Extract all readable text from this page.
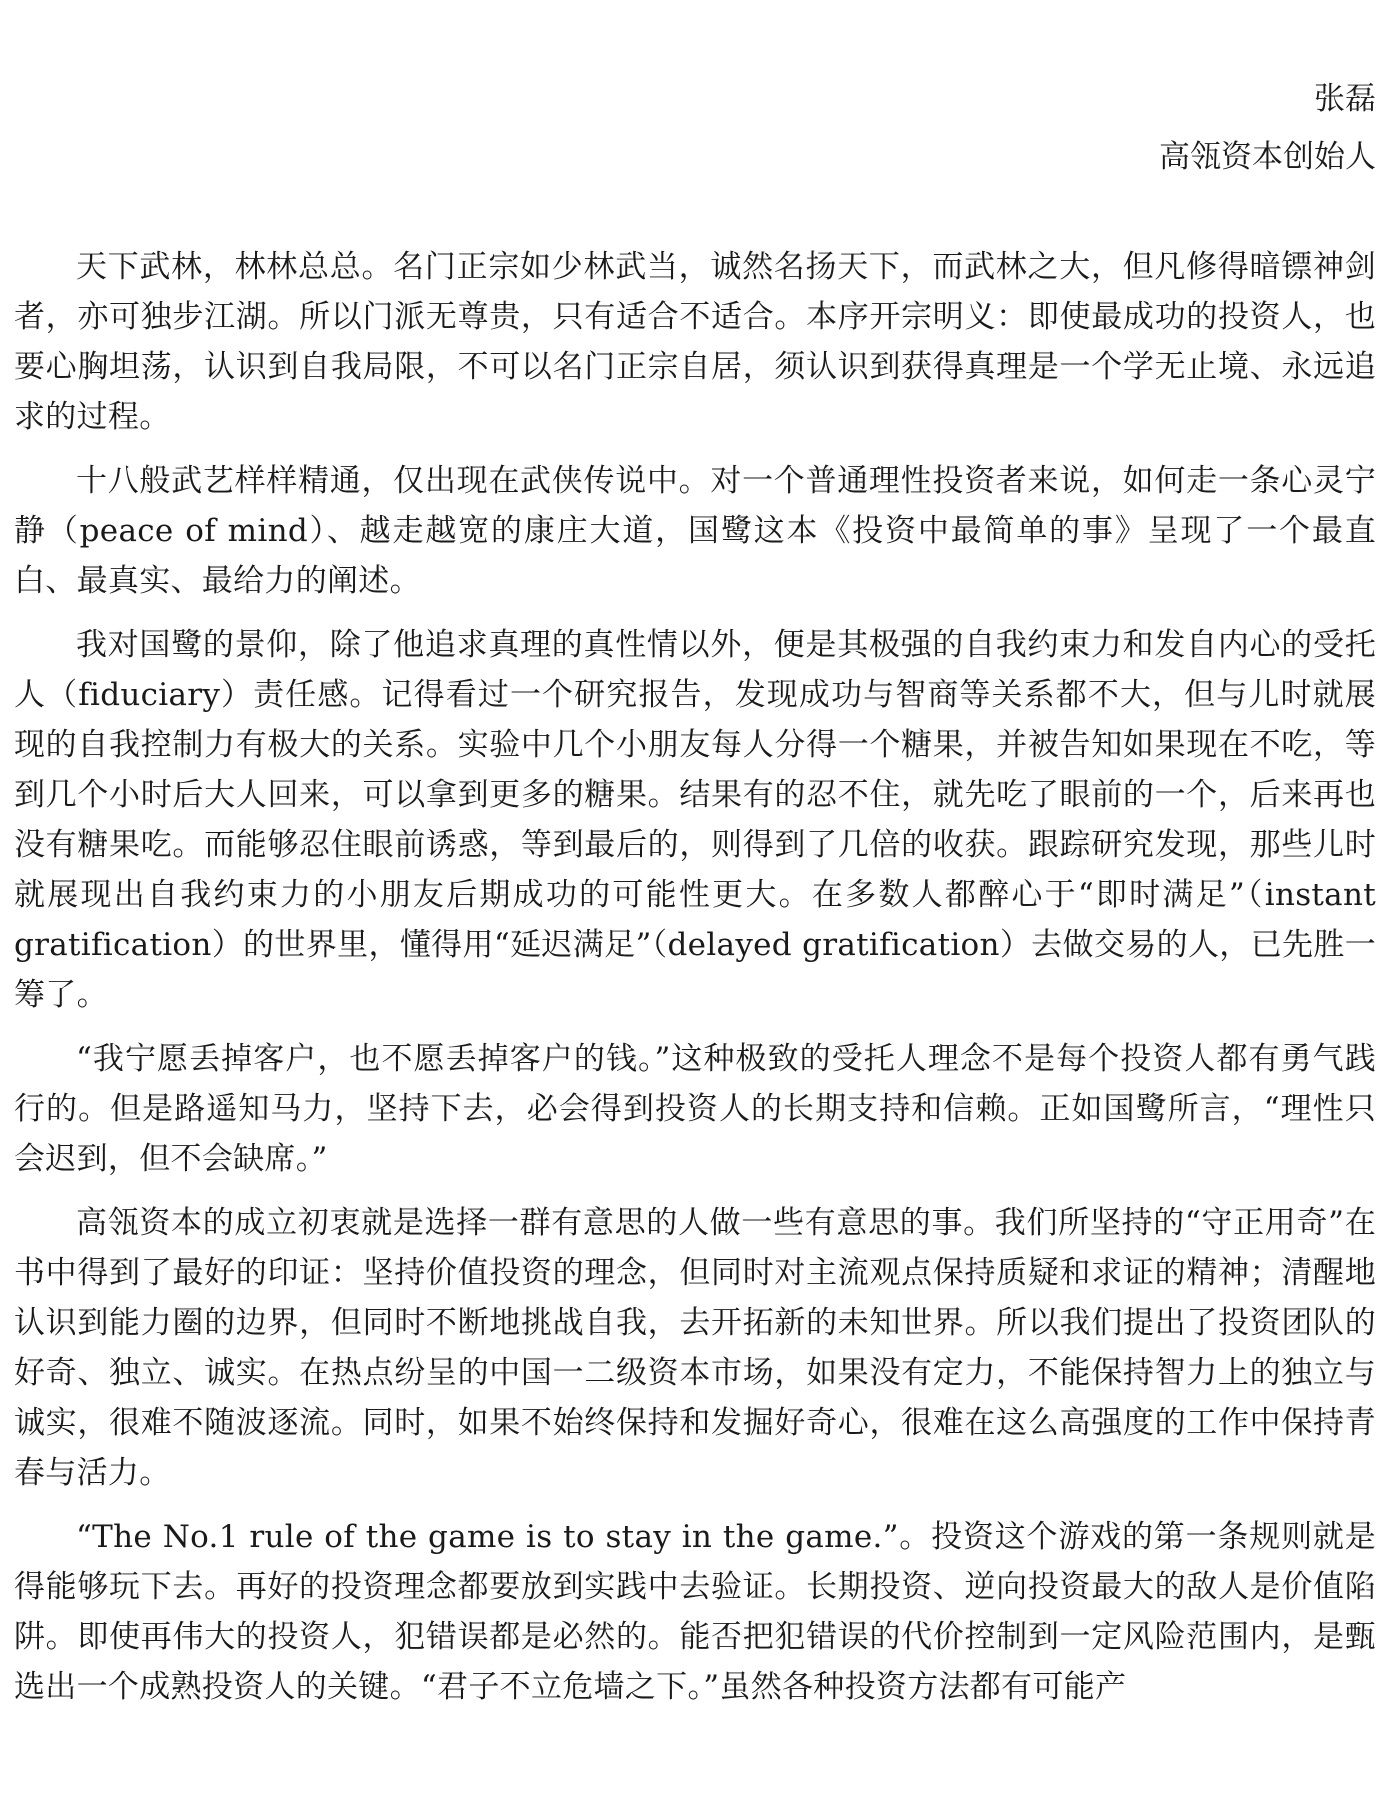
张磊

高瓴资本创始人

天下武林，林林总总。名门正宗如少林武当，诚然名扬天下，而武林之大，但凡修得暗镖神剑者，亦可独步江湖。所以门派无尊贵，只有适合不适合。本序开宗明义：即使最成功的投资人，也要心胸坦荡，认识到自我局限，不可以名门正宗自居，须认识到获得真理是一个学无止境、永远追求的过程。

十八般武艺样样精通，仅出现在武侠传说中。对一个普通理性投资者来说，如何走一条心灵宁静（peace of mind）、越走越宽的康庄大道，国鹭这本《投资中最简单的事》呈现了一个最直白、最真实、最给力的阐述。

我对国鹭的景仰，除了他追求真理的真性情以外，便是其极强的自我约束力和发自内心的受托人（fiduciary）责任感。记得看过一个研究报告，发现成功与智商等关系都不大，但与儿时就展现的自我控制力有极大的关系。实验中几个小朋友每人分得一个糖果，并被告知如果现在不吃，等到几个小时后大人回来，可以拿到更多的糖果。结果有的忍不住，就先吃了眼前的一个，后来再也没有糖果吃。而能够忍住眼前诱惑，等到最后的，则得到了几倍的收获。跟踪研究发现，那些儿时就展现出自我约束力的小朋友后期成功的可能性更大。在多数人都醉心于“即时满足”（instant gratification）的世界里，懂得用“延迟满足”（delayed gratification）去做交易的人，已先胜一筹了。

“我宁愿丢掉客户，也不愿丢掉客户的钱。”这种极致的受托人理念不是每个投资人都有勇气践行的。但是路遥知马力，坚持下去，必会得到投资人的长期支持和信赖。正如国鹭所言，“理性只会迟到，但不会缺席。”

高瓴资本的成立初衷就是选择一群有意思的人做一些有意思的事。我们所坚持的“守正用奇”在书中得到了最好的印证：坚持价值投资的理念，但同时对主流观点保持质疑和求证的精神；清醒地认识到能力圈的边界，但同时不断地挑战自我，去开拓新的未知世界。所以我们提出了投资团队的好奇、独立、诚实。在热点纷呈的中国一二级资本市场，如果没有定力，不能保持智力上的独立与诚实，很难不随波逐流。同时，如果不始终保持和发掘好奇心，很难在这么高强度的工作中保持青春与活力。

“The No.1 rule of the game is to stay in the game.”。投资这个游戏的第一条规则就是得能够玩下去。再好的投资理念都要放到实践中去验证。长期投资、逆向投资最大的敌人是价值陷阱。即使再伟大的投资人，犯错误都是必然的。能否把犯错误的代价控制到一定风险范围内，是甄选出一个成熟投资人的关键。“君子不立危墙之下。”虽然各种投资方法都有可能产
